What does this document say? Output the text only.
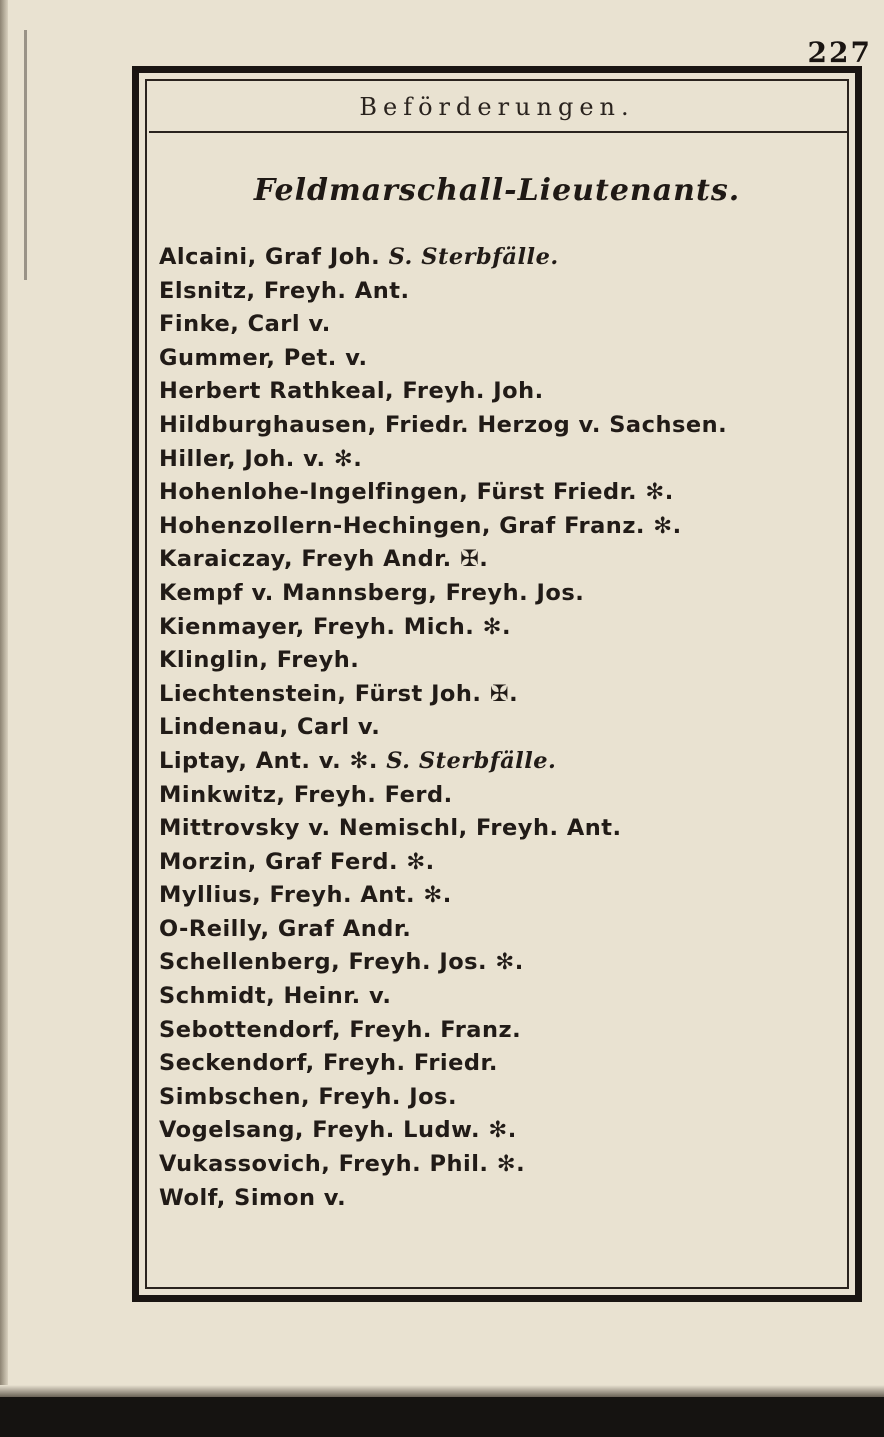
227
Beförderungen.
Feldmarschall-Lieutenants.
Alcaini, Graf Joh. S. Sterbfälle.
Elsnitz, Freyh. Ant.
Finke, Carl v.
Gummer, Pet. v.
Herbert Rathkeal, Freyh. Joh.
Hildburghausen, Friedr. Herzog v. Sachsen.
Hiller, Joh. v. ✻.
Hohenlohe-Ingelfingen, Fürst Friedr. ✻.
Hohenzollern-Hechingen, Graf Franz. ✻.
Karaiczay, Freyh Andr. ✠.
Kempf v. Mannsberg, Freyh. Jos.
Kienmayer, Freyh. Mich. ✻.
Klinglin, Freyh.
Liechtenstein, Fürst Joh. ✠.
Lindenau, Carl v.
Liptay, Ant. v. ✻. S. Sterbfälle.
Minkwitz, Freyh. Ferd.
Mittrovsky v. Nemischl, Freyh. Ant.
Morzin, Graf Ferd. ✻.
Myllius, Freyh. Ant. ✻.
O-Reilly, Graf Andr.
Schellenberg, Freyh. Jos. ✻.
Schmidt, Heinr. v.
Sebottendorf, Freyh. Franz.
Seckendorf, Freyh. Friedr.
Simbschen, Freyh. Jos.
Vogelsang, Freyh. Ludw. ✻.
Vukassovich, Freyh. Phil. ✻.
Wolf, Simon v.
